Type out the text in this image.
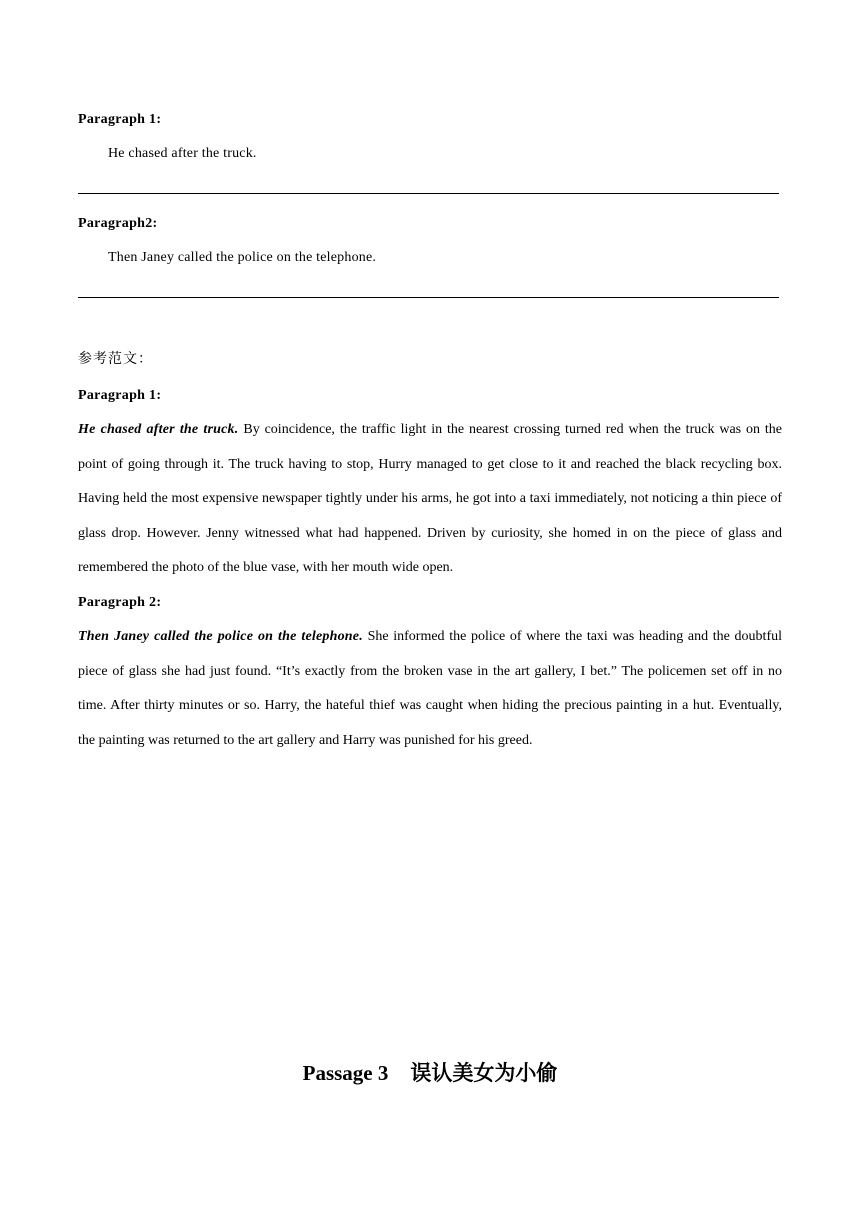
Paragraph 1:
He chased after the truck.
Paragraph2:
Then Janey called the police on the telephone.
参考范文：
Paragraph 1:
He chased after the truck. By coincidence, the traffic light in the nearest crossing turned red when the truck was on the point of going through it. The truck having to stop, Hurry managed to get close to it and reached the black recycling box. Having held the most expensive newspaper tightly under his arms, he got into a taxi immediately, not noticing a thin piece of glass drop. However. Jenny witnessed what had happened. Driven by curiosity, she homed in on the piece of glass and remembered the photo of the blue vase, with her mouth wide open.
Paragraph 2:
Then Janey called the police on the telephone. She informed the police of where the taxi was heading and the doubtful piece of glass she had just found. “It’s exactly from the broken vase in the art gallery, I bet.” The policemen set off in no time. After thirty minutes or so. Harry, the hateful thief was caught when hiding the precious painting in a hut. Eventually, the painting was returned to the art gallery and Harry was punished for his greed.
Passage 3 误认美女为小偷
